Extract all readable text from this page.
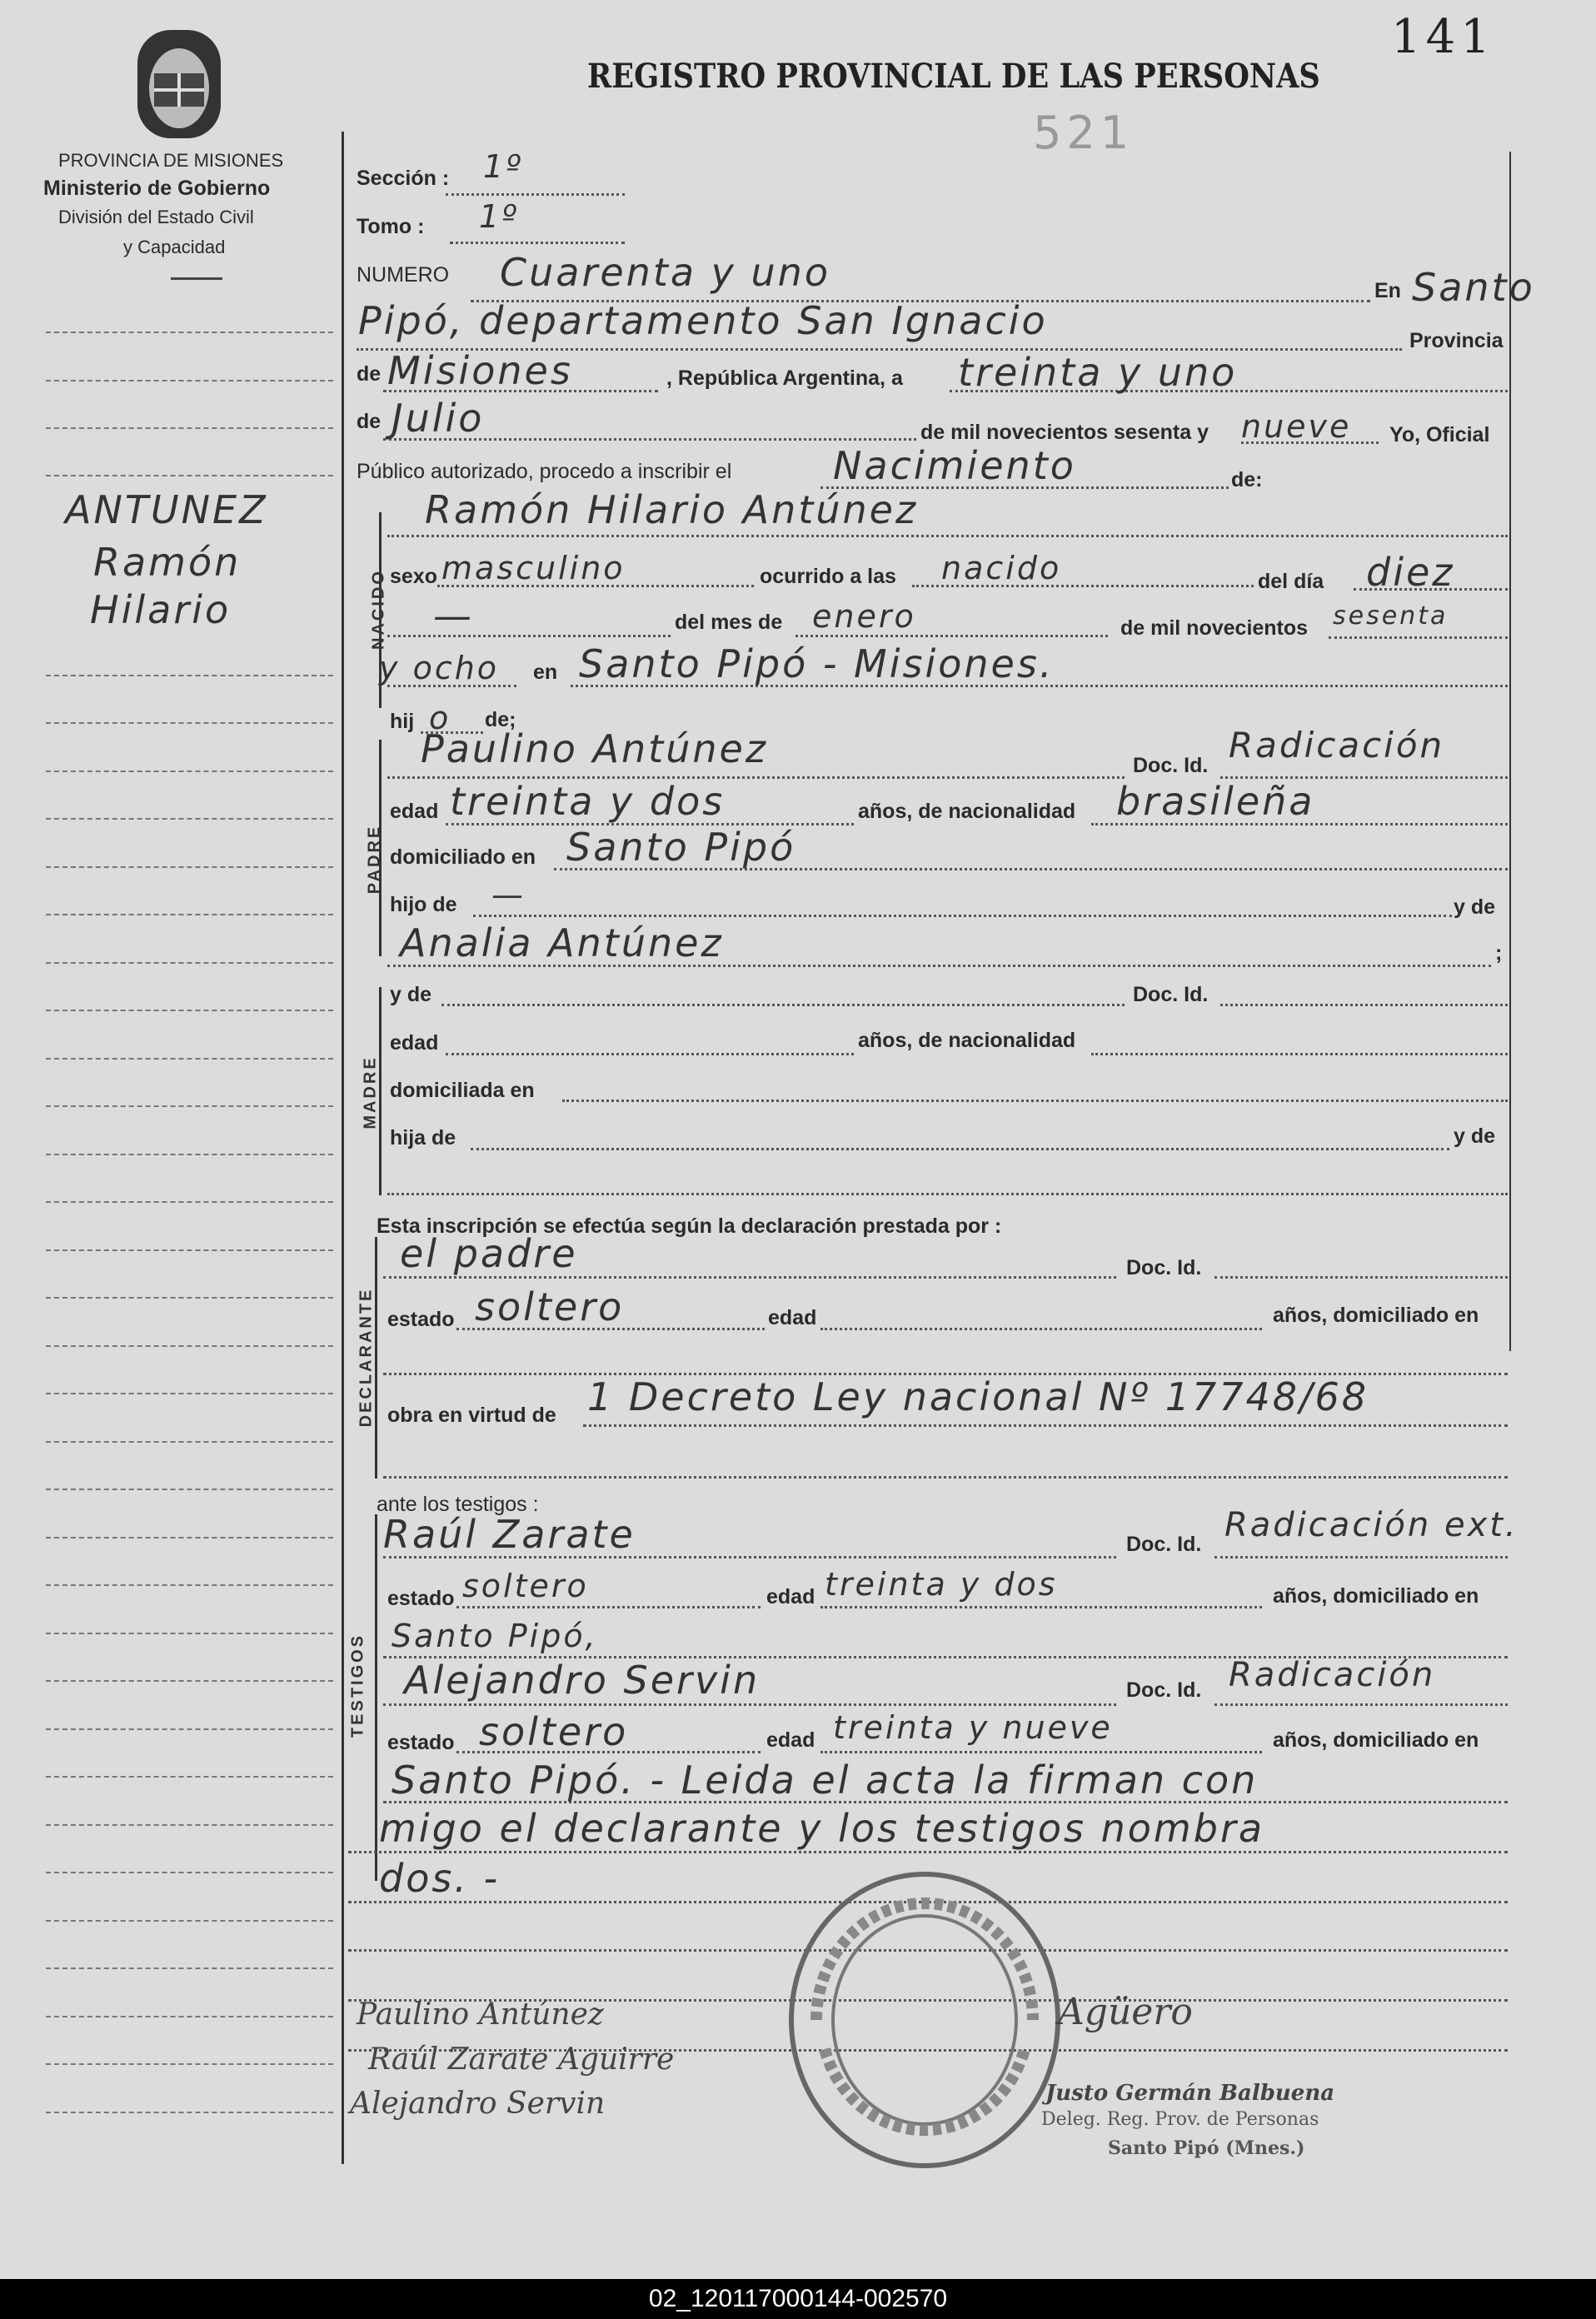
PROVINCIA DE MISIONES
Ministerio de Gobierno
División del Estado Civil
y Capacidad
141
521
REGISTRO PROVINCIAL DE LAS PERSONAS
ANTUNEZ
Ramón
Hilario
Sección : 1º
Tomo : 1º
NUMERO Cuarenta y uno	En Santo
Pipó, departamento San Ignacio	Provincia
de Misiones	, República Argentina, a treinta y uno
de Julio	de mil novecientos sesenta y nueve Yo, Oficial
Público autorizado, procedo a inscribir el	Nacimiento	de:
NACIDO
Ramón Hilario Antúnez
sexo masculino	ocurrido a las nacido	del día diez
—	del mes de enero	de mil novecientos sesenta
y ocho en Santo Pipó - Misiones.
hij o de;
PADRE
Paulino Antúnez	Doc. Id. Radicación
edad treinta y dos	años, de nacionalidad brasileña
domiciliado en Santo Pipó
hijo de —	y de
Analia Antúnez	;
MADRE
y de	Doc. Id.
edad	años, de nacionalidad
domiciliada en
hija de	y de
Esta inscripción se efectúa según la declaración prestada por :
DECLARANTE
el padre	Doc. Id.
estado soltero	edad	años, domiciliado en
obra en virtud de 1 Decreto Ley nacional Nº 17748/68
ante los testigos :
TESTIGOS
Raúl Zarate	Doc. Id. Radicación ext.
estado soltero	edad treinta y dos	años, domiciliado en
Santo Pipó,
Alejandro Servin	Doc. Id. Radicación
estado soltero	edad treinta y nueve	años, domiciliado en
Santo Pipó. - Leida el acta la firman con
migo el declarante y los testigos nombra
dos. -
Paulino Antúnez
Raúl Zarate Aguirre
Alejandro Servin
Agüero
Justo Germán Balbuena
Deleg. Reg. Prov. de Personas
Santo Pipó (Mnes.)
02_120117000144-002570
